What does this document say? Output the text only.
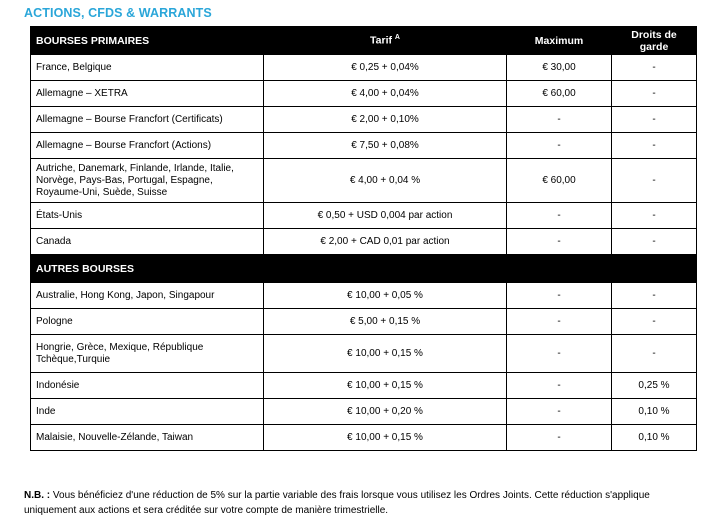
ACTIONS, CFDS & WARRANTS
BOURSES PRIMAIRES	Tarif $^A$	Maximum	Droits de garde
France, Belgique	€ 0,25 + 0,04%	€ 30,00	-
Allemagne – XETRA	€ 4,00 + 0,04%	€ 60,00	-
Allemagne – Bourse Francfort (Certificats)	€ 2,00 + 0,10%	-	-
Allemagne – Bourse Francfort (Actions)	€ 7,50 + 0,08%	-	-
Autriche, Danemark, Finlande, Irlande, Italie, Norvège, Pays-Bas, Portugal, Espagne, Royaume-Uni, Suède, Suisse	€ 4,00 + 0,04 %	€ 60,00	-
États-Unis	€ 0,50 + USD 0,004 par action	-	-
Canada	€ 2,00 + CAD 0,01 par action	-	-
AUTRES BOURSES			
Australie, Hong Kong, Japon, Singapour	€ 10,00 + 0,05 %	-	-
Pologne	€ 5,00 + 0,15 %	-	-
Hongrie, Grèce, Mexique, République Tchèque,Turquie	€ 10,00 + 0,15 %	-	-
Indonésie	€ 10,00 + 0,15 %	-	0,25 %
Inde	€ 10,00 + 0,20 %	-	0,10 %
Malaisie, Nouvelle-Zélande, Taiwan	€ 10,00 + 0,15 %	-	0,10 %
N.B. : Vous bénéficiez d'une réduction de 5% sur la partie variable des frais lorsque vous utilisez les Ordres Joints. Cette réduction s'applique uniquement aux actions et sera créditée sur votre compte de manière trimestrielle.
